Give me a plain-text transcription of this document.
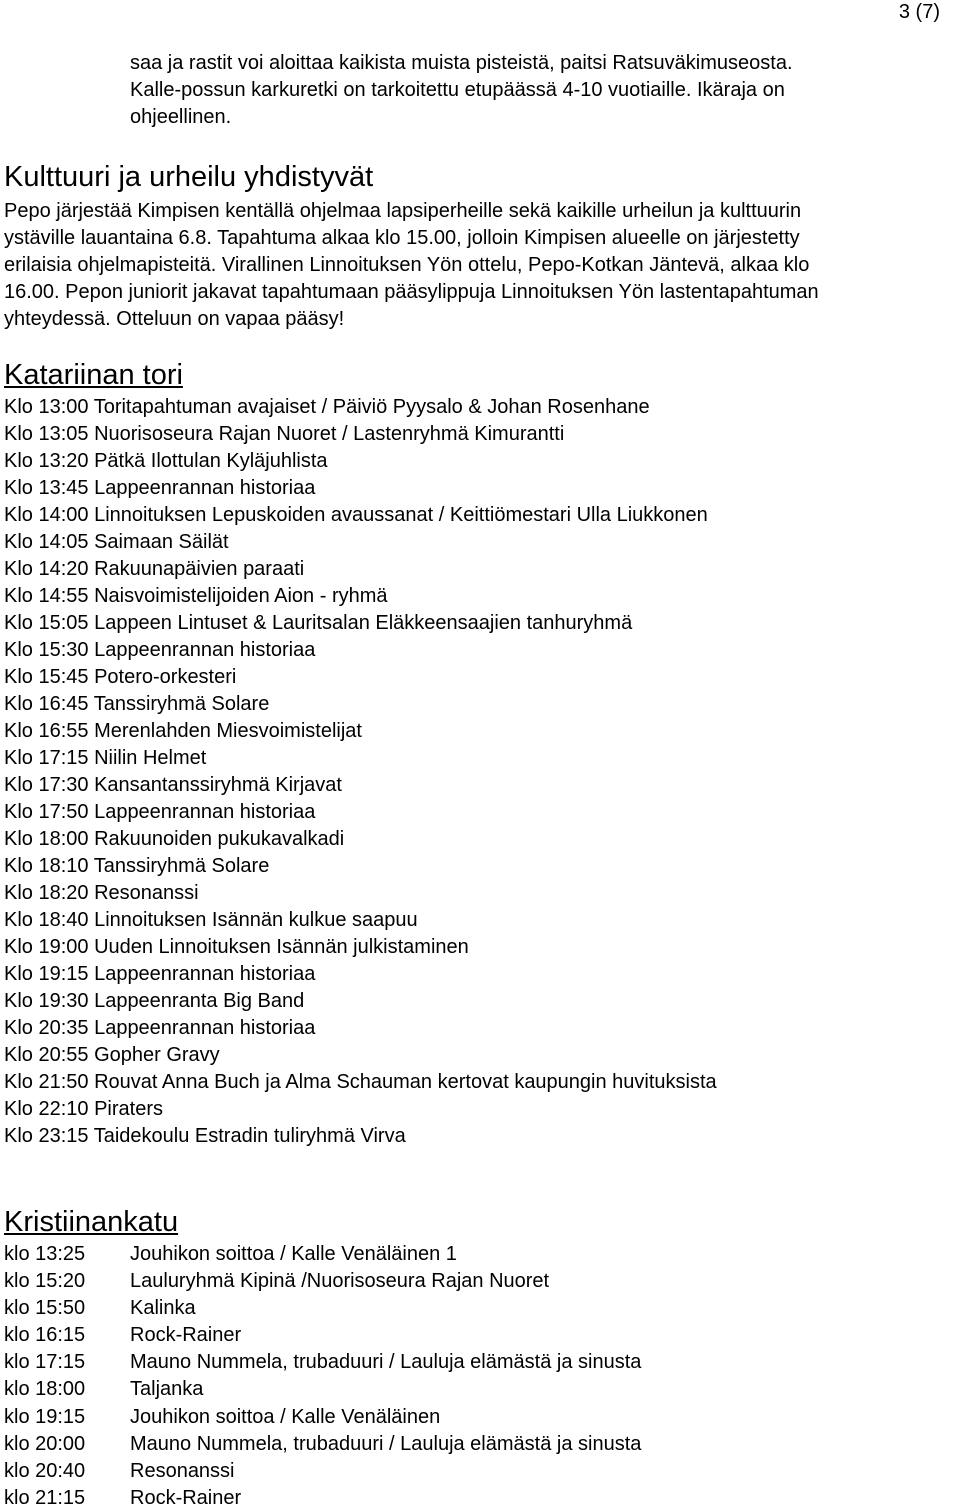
3 (7)

saa ja rastit voi aloittaa kaikista muista pisteistä, paitsi Ratsuväkimuseosta.

Kalle-possun karkuretki on tarkoitettu etupäässä 4-10 vuotiaille. Ikäraja on

ohjeellinen.

Kulttuuri ja urheilu yhdistyvät
Pepo järjestää Kimpisen kentällä ohjelmaa lapsiperheille sekä kaikille urheilun ja kulttuurin
ystäville lauantaina 6.8. Tapahtuma alkaa klo 15.00, jolloin Kimpisen alueelle on järjestetty
erilaisia ohjelmapisteitä. Virallinen Linnoituksen Yön ottelu, Pepo-Kotkan Jäntevä, alkaa klo
16.00. Pepon juniorit jakavat tapahtumaan pääsylippuja Linnoituksen Yön lastentapahtuman
yhteydessä. Otteluun on vapaa pääsy!
Katariinan tori
Klo 13:00 Toritapahtuman avajaiset / Päiviö Pyysalo & Johan Rosenhane
Klo 13:05 Nuorisoseura Rajan Nuoret / Lastenryhmä Kimurantti
Klo 13:20 Pätkä Ilottulan Kyläjuhlista
Klo 13:45 Lappeenrannan historiaa
Klo 14:00 Linnoituksen Lepuskoiden avaussanat / Keittiömestari Ulla Liukkonen
Klo 14:05 Saimaan Säilät
Klo 14:20 Rakuunapäivien paraati
Klo 14:55 Naisvoimistelijoiden Aion - ryhmä
Klo 15:05 Lappeen Lintuset & Lauritsalan Eläkkeensaajien tanhuryhmä
Klo 15:30 Lappeenrannan historiaa
Klo 15:45 Potero-orkesteri
Klo 16:45 Tanssiryhmä Solare
Klo 16:55 Merenlahden Miesvoimistelijat
Klo 17:15 Niilin Helmet
Klo 17:30 Kansantanssiryhmä Kirjavat
Klo 17:50 Lappeenrannan historiaa
Klo 18:00 Rakuunoiden pukukavalkadi
Klo 18:10 Tanssiryhmä Solare
Klo 18:20 Resonanssi
Klo 18:40 Linnoituksen Isännän kulkue saapuu
Klo 19:00 Uuden Linnoituksen Isännän julkistaminen
Klo 19:15 Lappeenrannan historiaa
Klo 19:30 Lappeenranta Big Band
Klo 20:35 Lappeenrannan historiaa
Klo 20:55 Gopher Gravy
Klo 21:50 Rouvat Anna Buch ja Alma Schauman kertovat kaupungin huvituksista
Klo 22:10 Piraters
Klo 23:15 Taidekoulu Estradin tuliryhmä Virva
Kristiinankatu
klo 13:25	Jouhikon soittoa / Kalle Venäläinen 1
klo 15:20	Lauluryhmä Kipinä /Nuorisoseura Rajan Nuoret
klo 15:50	Kalinka
klo 16:15	Rock-Rainer
klo 17:15	Mauno Nummela, trubaduuri / Lauluja elämästä ja sinusta
klo 18:00	Taljanka
klo 19:15	Jouhikon soittoa / Kalle Venäläinen
klo 20:00	Mauno Nummela, trubaduuri / Lauluja elämästä ja sinusta
klo 20:40	Resonanssi
klo 21:15	Rock-Rainer
